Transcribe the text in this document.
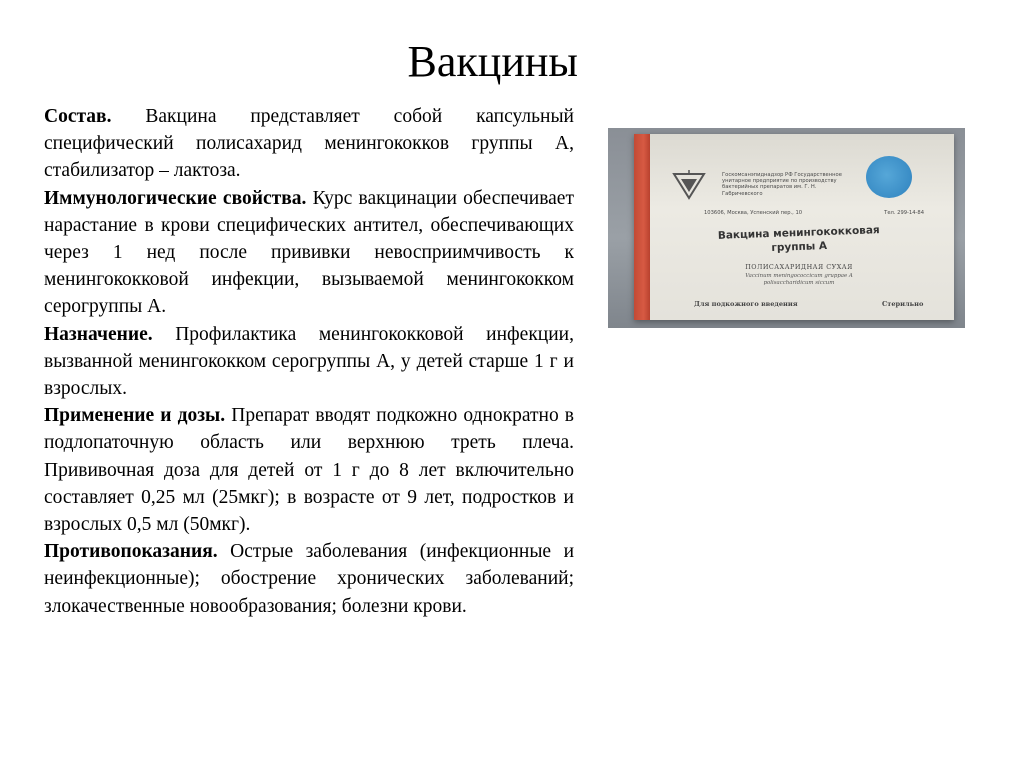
Вакцины

Состав. Вакцина представляет собой капсульный специфический полисахарид менингококков группы А, стабилизатор – лактоза.

Иммунологические свойства. Курс вакцинации обеспечивает нарастание в крови специфических антител, обеспечивающих через 1 нед после прививки невосприимчивость к менингококковой инфекции, вызываемой менингококком серогруппы А.

Назначение. Профилактика менингококковой инфекции, вызванной менингококком серогруппы А, у детей старше 1 г и взрослых.

Применение и дозы. Препарат вводят подкожно однократно в подлопаточную область или верхнюю треть плеча. Прививочная доза для детей от 1 г до 8 лет включительно составляет 0,25 мл (25мкг); в возрасте от 9 лет, подростков и взрослых 0,5 мл (50мкг).

Противопоказания. Острые заболевания (инфекционные и неинфекционные); обострение хронических заболеваний; злокачественные новообразования; болезни крови.

Госкомсанэпиднадзор РФ Государственное унитарное предприятие по производству бактерийных препаратов им. Г. Н. Габричевского
103606, Москва, Успенский пер., 10	Тел. 299-14-84
Вакцина менингококковая
группы А
ПОЛИСАХАРИДНАЯ СУХАЯ
Vaccinum meningococcicum gruppae A
polisaccharidicum siccum
Для подкожного введения	Стерильно
